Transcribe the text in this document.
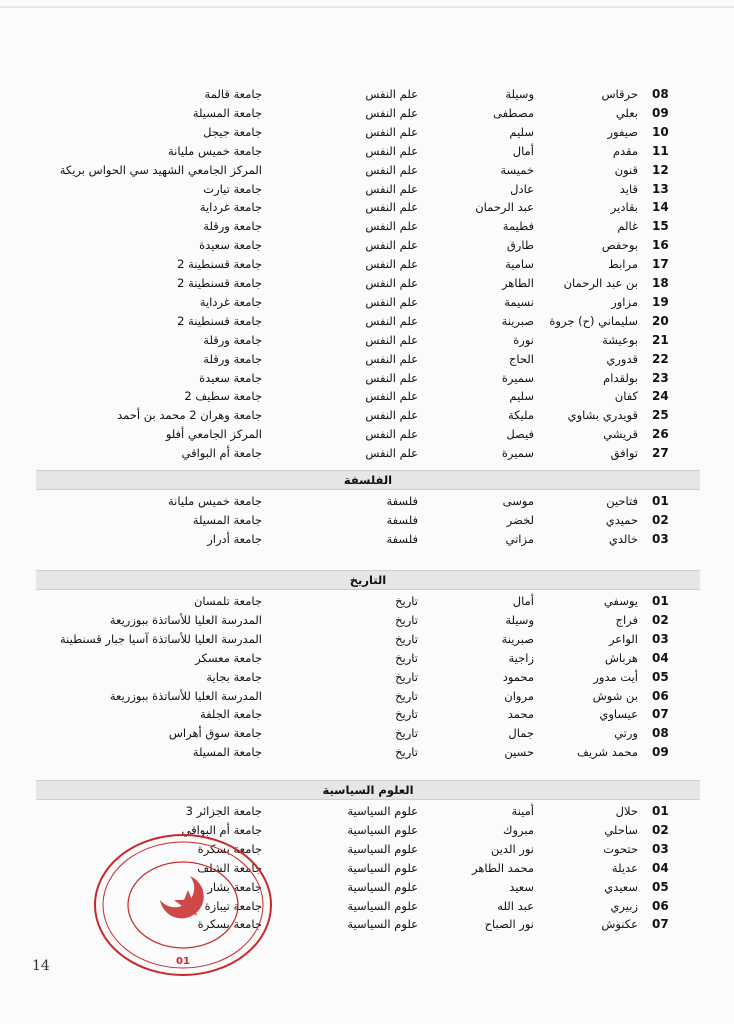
08
حرقاس
وسيلة
علم النفس
جامعة قالمة
09
بعلي
مصطفى
علم النفس
جامعة المسيلة
10
صيفور
سليم
علم النفس
جامعة جيجل
11
مقدم
أمال
علم النفس
جامعة خميس مليانة
12
قنون
خميسة
علم النفس
المركز الجامعي الشهيد سي الحواس بريكة
13
قايد
عادل
علم النفس
جامعة تيارت
14
بقادير
عبد الرحمان
علم النفس
جامعة غرداية
15
غالم
فطيمة
علم النفس
جامعة ورقلة
16
بوحفص
طارق
علم النفس
جامعة سعيدة
17
مرابط
سامية
علم النفس
جامعة قسنطينة 2
18
بن عبد الرحمان
الطاهر
علم النفس
جامعة قسنطينة 2
19
مزاور
نسيمة
علم النفس
جامعة غرداية
20
سليماني (ح) جروة
صبرينة
علم النفس
جامعة قسنطينة 2
21
بوعيشة
نورة
علم النفس
جامعة ورقلة
22
قدوري
الحاج
علم النفس
جامعة ورقلة
23
بولقدام
سميرة
علم النفس
جامعة سعيدة
24
كفان
سليم
علم النفس
جامعة سطيف 2
25
قويدري بشاوي
مليكة
علم النفس
جامعة وهران 2 محمد بن أحمد
26
قريشي
فيصل
علم النفس
المركز الجامعي أفلو
27
توافق
سميرة
علم النفس
جامعة أم البواقي
الفلسفة
01
فتاحين
موسى
فلسفة
جامعة خميس مليانة
02
حميدي
لخضر
فلسفة
جامعة المسيلة
03
خالدي
مزاتي
فلسفة
جامعة أدرار
التاريخ
01
يوسفي
أمال
تاريخ
جامعة تلمسان
02
فراج
وسيلة
تاريخ
المدرسة العليا للأساتذة ببوزريعة
03
الواعر
صبرينة
تاريخ
المدرسة العليا للأساتذة آسيا جبار قسنطينة
04
هرباش
زاجية
تاريخ
جامعة معسكر
05
أيت مدور
محمود
تاريخ
جامعة بجاية
06
بن شوش
مروان
تاريخ
المدرسة العليا للأساتذة ببوزريعة
07
عيساوي
محمد
تاريخ
جامعة الجلفة
08
ورتي
جمال
تاريخ
جامعة سوق أهراس
09
محمد شريف
حسين
تاريخ
جامعة المسيلة
العلوم السياسية
01
حلال
أمينة
علوم السياسية
جامعة الجزائر 3
02
ساحلي
مبروك
علوم السياسية
جامعة أم البواقي
03
حتحوت
نور الدين
علوم السياسية
جامعة بسكرة
04
عديلة
محمد الطاهر
علوم السياسية
جامعة الشلف
05
سعيدي
سعيد
علوم السياسية
جامعة بشار
06
زبيري
عبد الله
علوم السياسية
جامعة تيبازة
07
عكنوش
نور الصباح
علوم السياسية
جامعة بسكرة
01
14
